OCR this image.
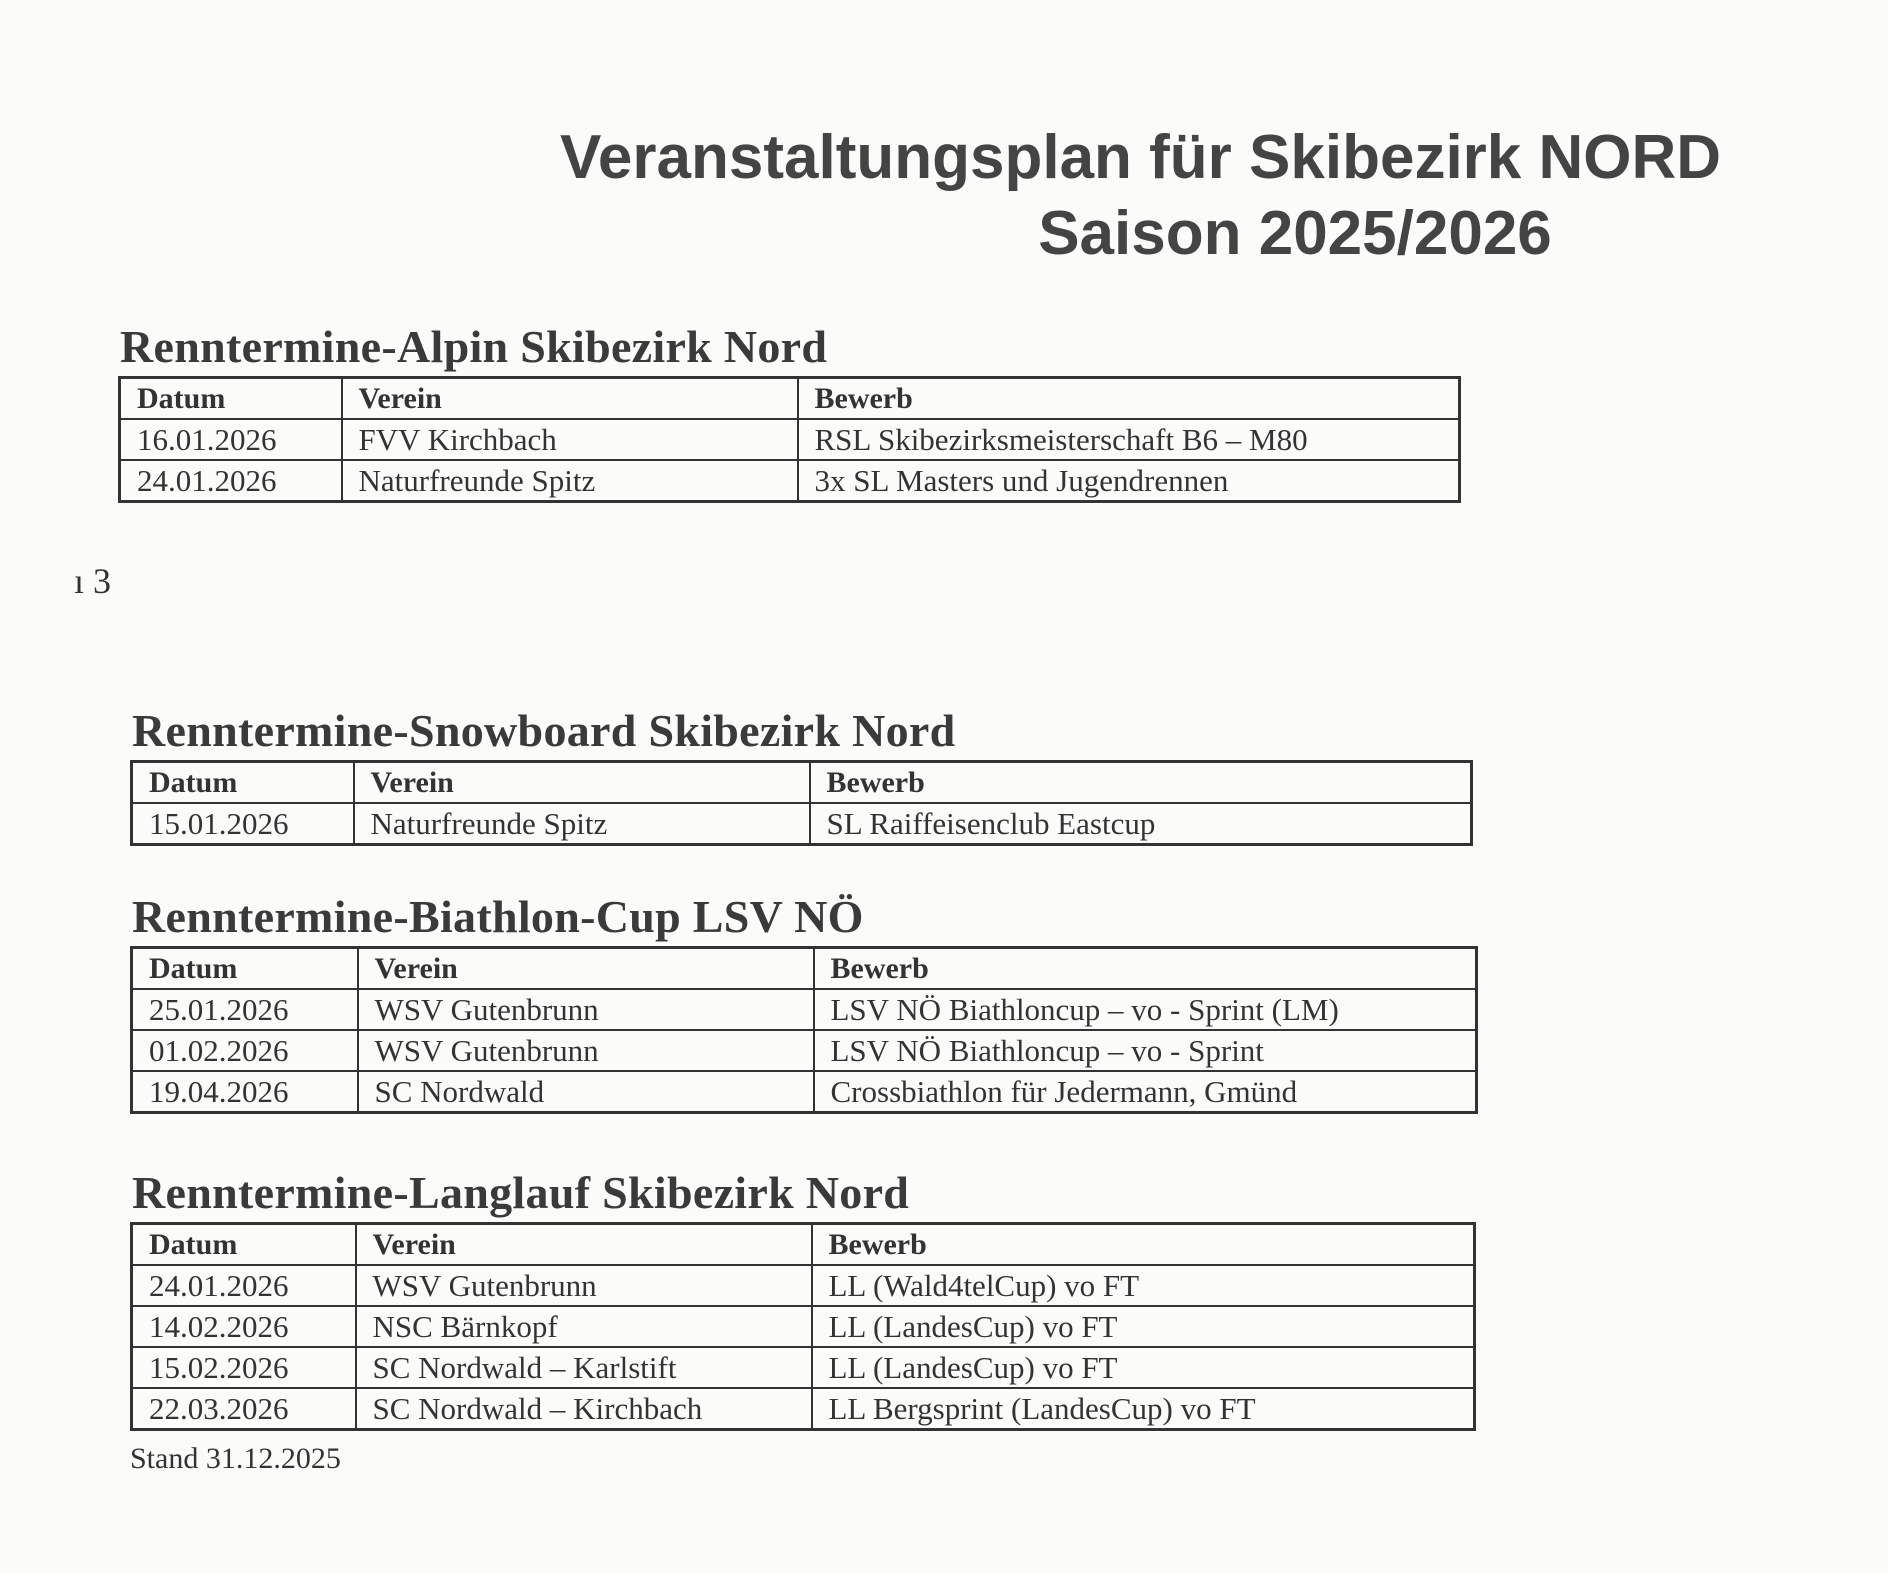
Veranstaltungsplan für Skibezirk NORD
Saison 2025/2026
Renntermine-Alpin Skibezirk Nord
Datum	Verein	Bewerb
16.01.2026	FVV Kirchbach	RSL Skibezirksmeisterschaft B6 – M80
24.01.2026	Naturfreunde Spitz	3x SL Masters und Jugendrennen
ı 3
Renntermine-Snowboard Skibezirk Nord
Datum	Verein	Bewerb
15.01.2026	Naturfreunde Spitz	SL Raiffeisenclub Eastcup
Renntermine-Biathlon-Cup LSV NÖ
Datum	Verein	Bewerb
25.01.2026	WSV Gutenbrunn	LSV NÖ Biathloncup – vo - Sprint (LM)
01.02.2026	WSV Gutenbrunn	LSV NÖ Biathloncup – vo - Sprint
19.04.2026	SC Nordwald	Crossbiathlon für Jedermann, Gmünd
Renntermine-Langlauf Skibezirk Nord
Datum	Verein	Bewerb
24.01.2026	WSV Gutenbrunn	LL (Wald4telCup) vo FT
14.02.2026	NSC Bärnkopf	LL (LandesCup) vo FT
15.02.2026	SC Nordwald – Karlstift	LL (LandesCup) vo FT
22.03.2026	SC Nordwald – Kirchbach	LL Bergsprint (LandesCup) vo FT
Stand 31.12.2025
